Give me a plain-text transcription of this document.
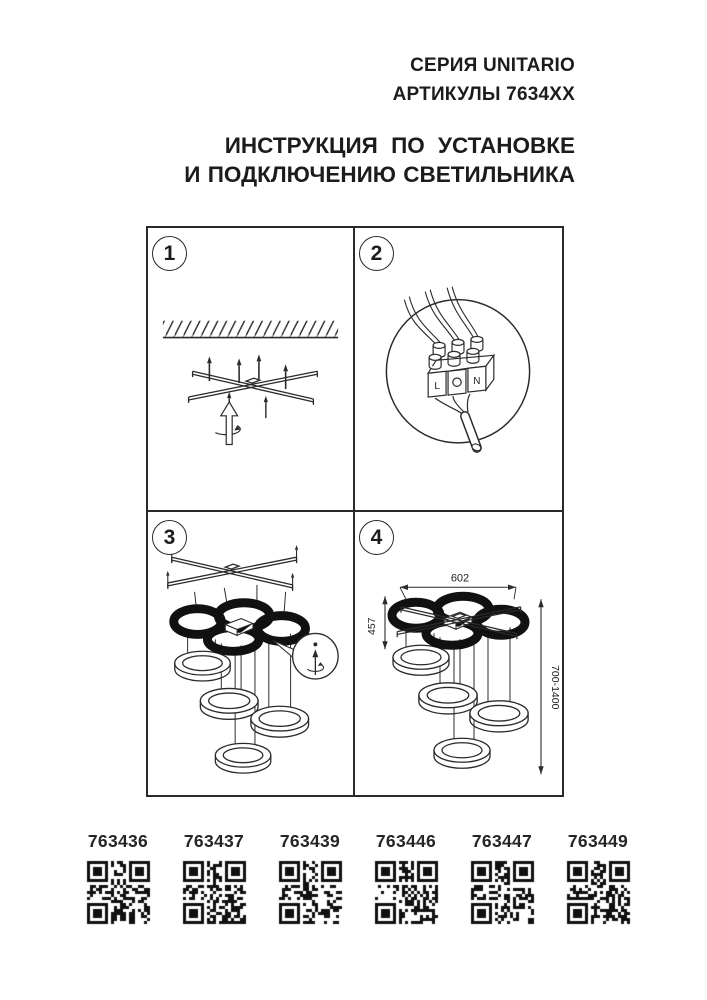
СЕРИЯ UNITARIO
АРТИКУЛЫ 7634ХХ
ИНСТРУКЦИЯ ПО УСТАНОВКЕ
И ПОДКЛЮЧЕНИЮ СВЕТИЛЬНИКА
1	2
L	N
3	4
602
457
700-1400
763436 763437 763439 763446 763447 763449
